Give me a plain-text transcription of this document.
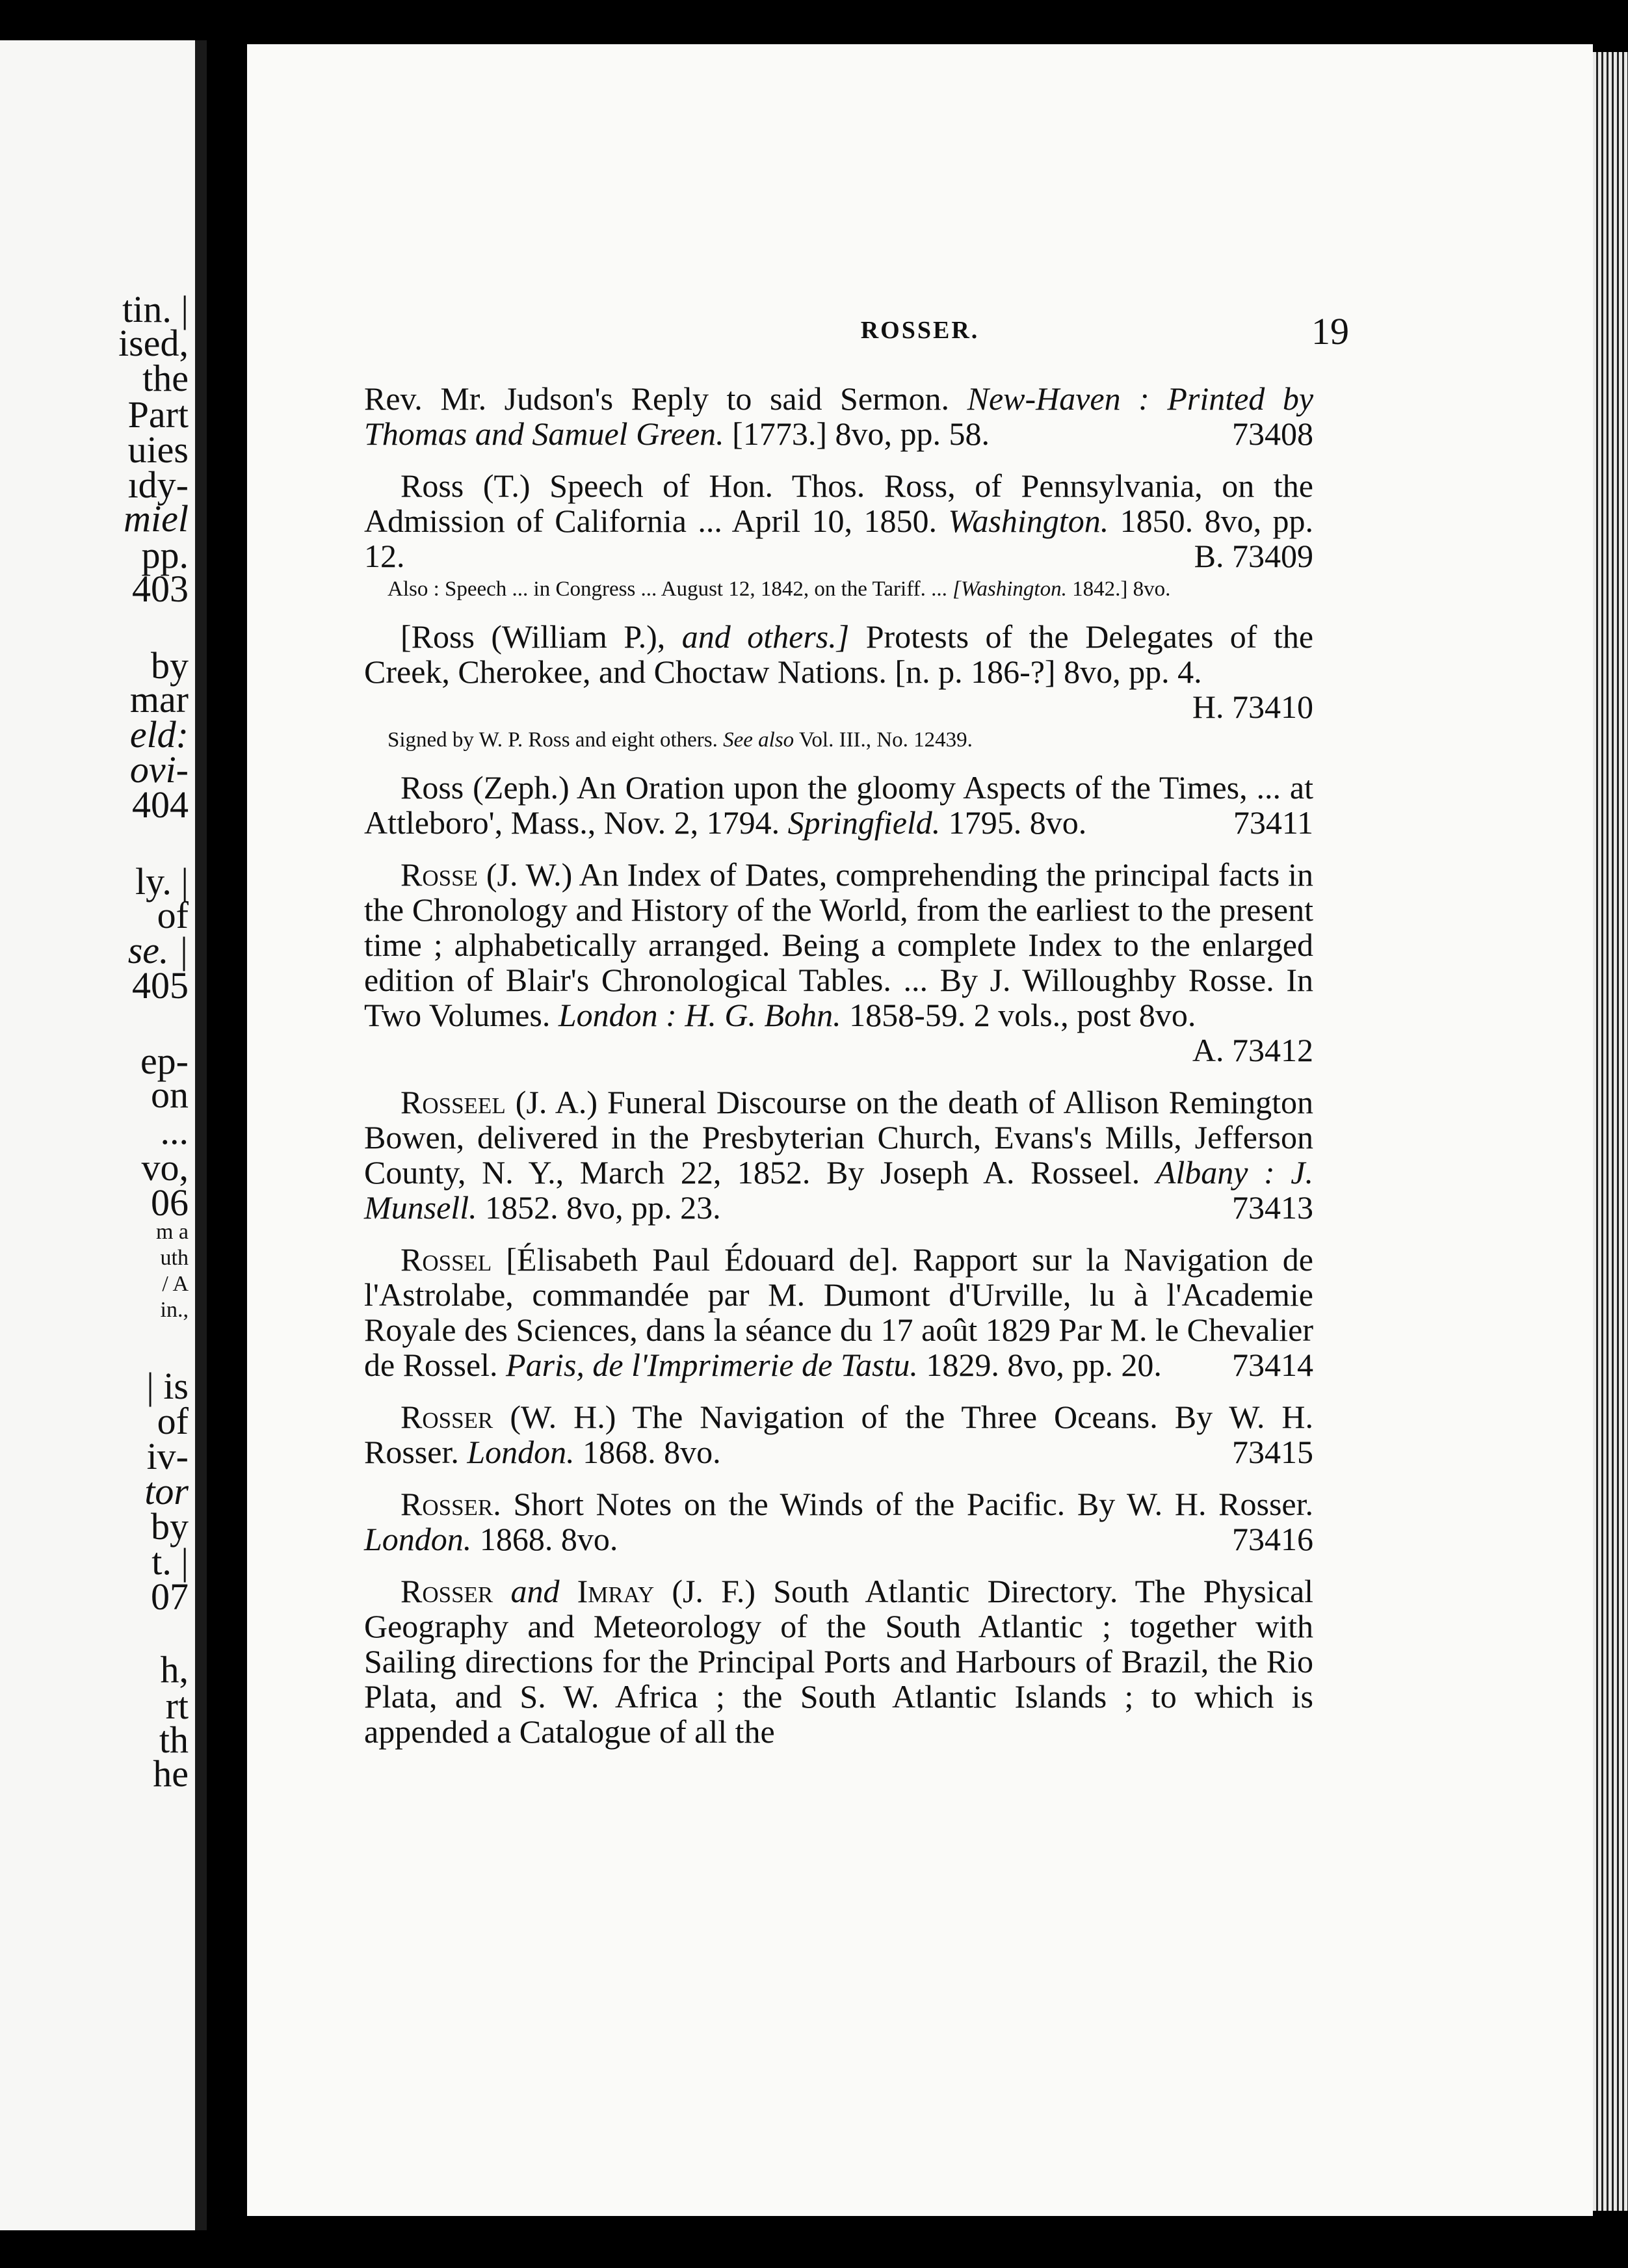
tin. |
ised,
the
Part
uies
ıdy-
miel
pp.
403
by
mar
eld:
ovi-
404
ly. |
of
se. |
405
ep-
on
...
vo,
06
m a
uth
/ A
in.,
| is
of
iv-
tor
by
t. |
07
h,
rt
th
he
ROSSER.	19

Rev. Mr. Judson's Reply to said Sermon. New-Haven : Printed by Thomas and Samuel Green. [1773.] 8vo, pp. 58.	73408

Ross (T.) Speech of Hon. Thos. Ross, of Pennsylvania, on the Admission of California ... April 10, 1850. Washington. 1850. 8vo, pp. 12.	B. 73409

Also : Speech ... in Congress ... August 12, 1842, on the Tariff. ... [Washington. 1842.] 8vo.

[Ross (William P.), and others.] Protests of the Delegates of the Creek, Cherokee, and Choctaw Nations. [n. p. 186-?] 8vo, pp. 4.
H. 73410

Signed by W. P. Ross and eight others. See also Vol. III., No. 12439.

Ross (Zeph.) An Oration upon the gloomy Aspects of the Times, ... at Attleboro', Mass., Nov. 2, 1794. Springfield. 1795. 8vo.	73411

Rosse (J. W.) An Index of Dates, comprehending the principal facts in the Chronology and History of the World, from the earliest to the present time ; alphabetically arranged. Being a complete Index to the enlarged edition of Blair's Chronological Tables. ... By J. Willoughby Rosse. In Two Volumes. London : H. G. Bohn. 1858-59. 2 vols., post 8vo.
A. 73412

Rosseel (J. A.) Funeral Discourse on the death of Allison Remington Bowen, delivered in the Presbyterian Church, Evans's Mills, Jefferson County, N. Y., March 22, 1852. By Joseph A. Rosseel. Albany : J. Munsell. 1852. 8vo, pp. 23.	73413

Rossel [Élisabeth Paul Édouard de]. Rapport sur la Navigation de l'Astrolabe, commandée par M. Dumont d'Urville, lu à l'Academie Royale des Sciences, dans la séance du 17 août 1829 Par M. le Chevalier de Rossel. Paris, de l'Imprimerie de Tastu. 1829. 8vo, pp. 20.	73414

Rosser (W. H.) The Navigation of the Three Oceans. By W. H. Rosser. London. 1868. 8vo.	73415

Rosser. Short Notes on the Winds of the Pacific. By W. H. Rosser. London. 1868. 8vo.	73416

Rosser and Imray (J. F.) South Atlantic Directory. The Physical Geography and Meteorology of the South Atlantic ; together with Sailing directions for the Principal Ports and Harbours of Brazil, the Rio Plata, and S. W. Africa ; the South Atlantic Islands ; to which is appended a Catalogue of all the
